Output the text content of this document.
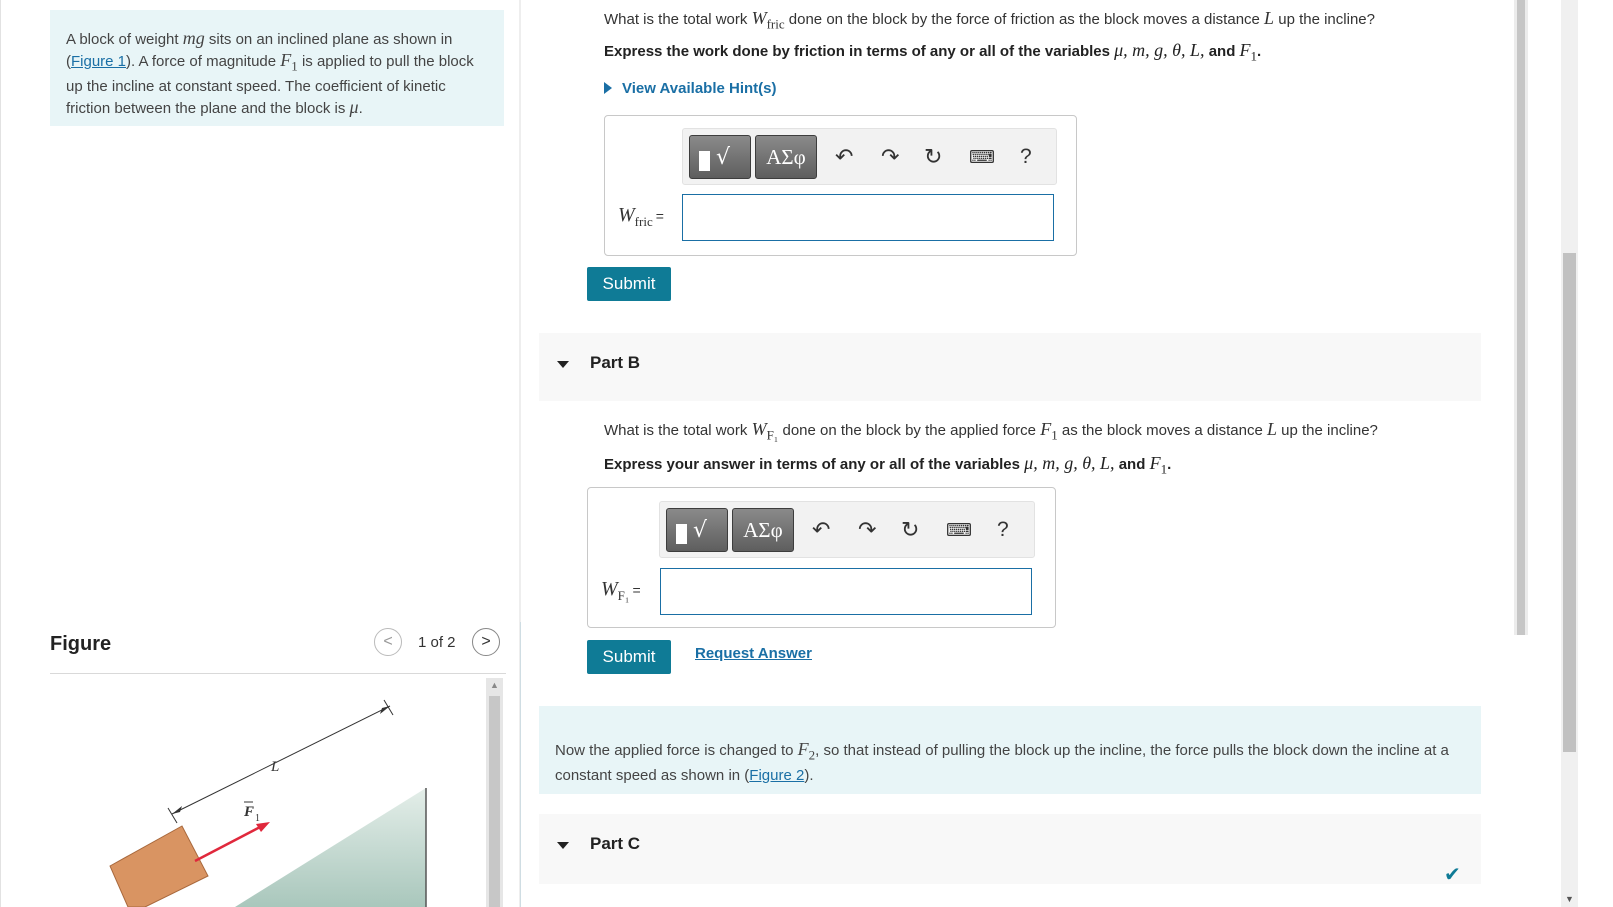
A block of weight mg sits on an inclined plane as shown in (Figure 1). A force of magnitude $F_1$ is applied to pull the block up the incline at constant speed. The coefficient of kinetic friction between the plane and the block is μ.
Figure	<	1 of 2	>
L
F 1
▲
What is the total work $W_{fric}$ done on the block by the force of friction as the block moves a distance L up the incline?
Express the work done by friction in terms of any or all of the variables μ, m, g, θ, L, and $F_1$.
View Available Hint(s)
√	ΑΣφ	↶ ↷ ↻ ⌨ ?
$W_{fric}$ =
Submit
Part B
What is the total work $W_{F_1}$ done on the block by the applied force $F_1$ as the block moves a distance L up the incline?
Express your answer in terms of any or all of the variables μ, m, g, θ, L, and $F_1$.
√	ΑΣφ	↶ ↷ ↻ ⌨ ?
$W_{F_1}$ =
Submit	Request Answer
Now the applied force is changed to $F_2$, so that instead of pulling the block up the incline, the force pulls the block down the incline at a constant speed as shown in (Figure 2).
Part C
✔
▼
